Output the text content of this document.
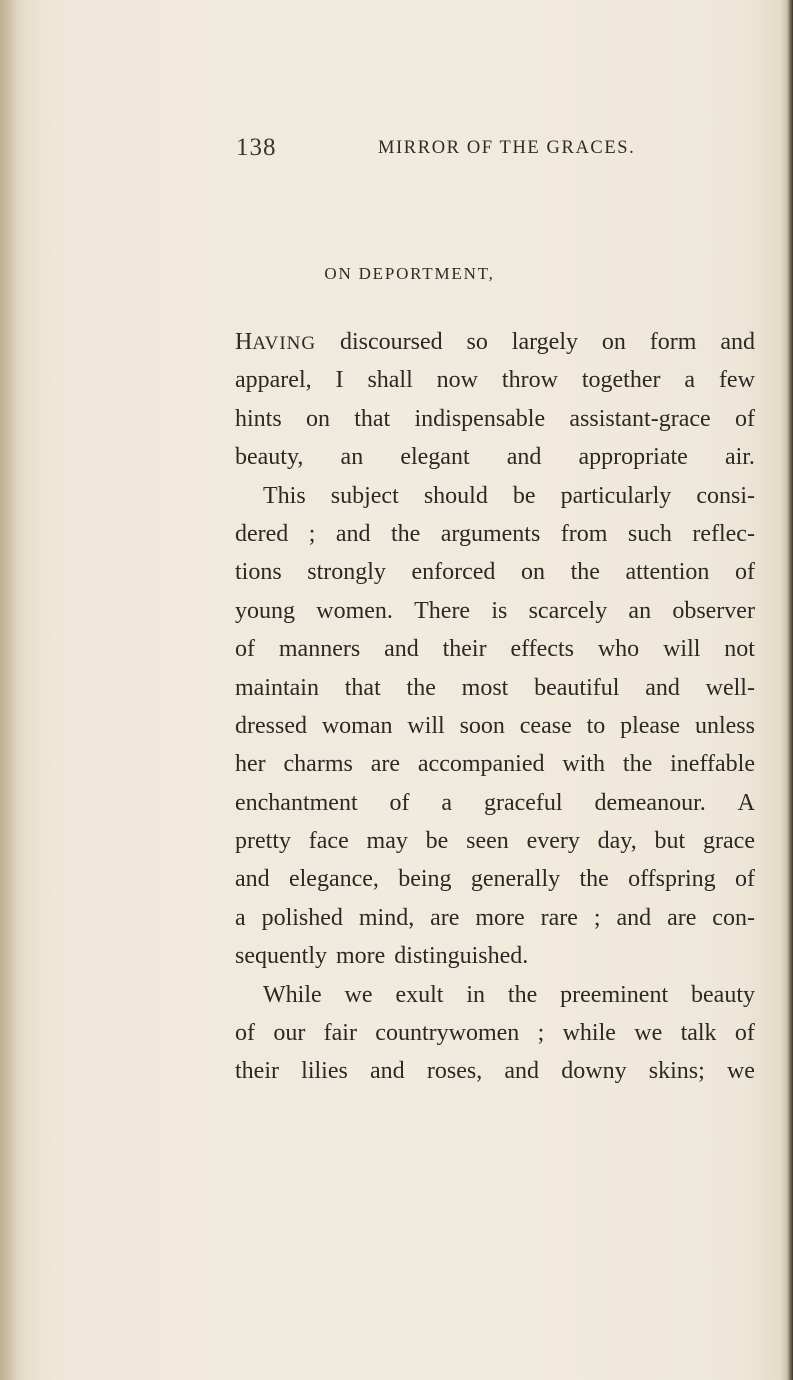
138	MIRROR OF THE GRACES.
ON DEPORTMENT,
HAVING discoursed so largely on form and
apparel, I shall now throw together a few
hints on that indispensable assistant-grace of
beauty, an elegant and appropriate air.
This subject should be particularly consi-
dered ; and the arguments from such reflec-
tions strongly enforced on the attention of
young women. There is scarcely an observer
of manners and their effects who will not
maintain that the most beautiful and well-
dressed woman will soon cease to please unless
her charms are accompanied with the ineffable
enchantment of a graceful demeanour. A
pretty face may be seen every day, but grace
and elegance, being generally the offspring of
a polished mind, are more rare ; and are con-
sequently more distinguished.
While we exult in the preeminent beauty
of our fair countrywomen ; while we talk of
their lilies and roses, and downy skins; we
